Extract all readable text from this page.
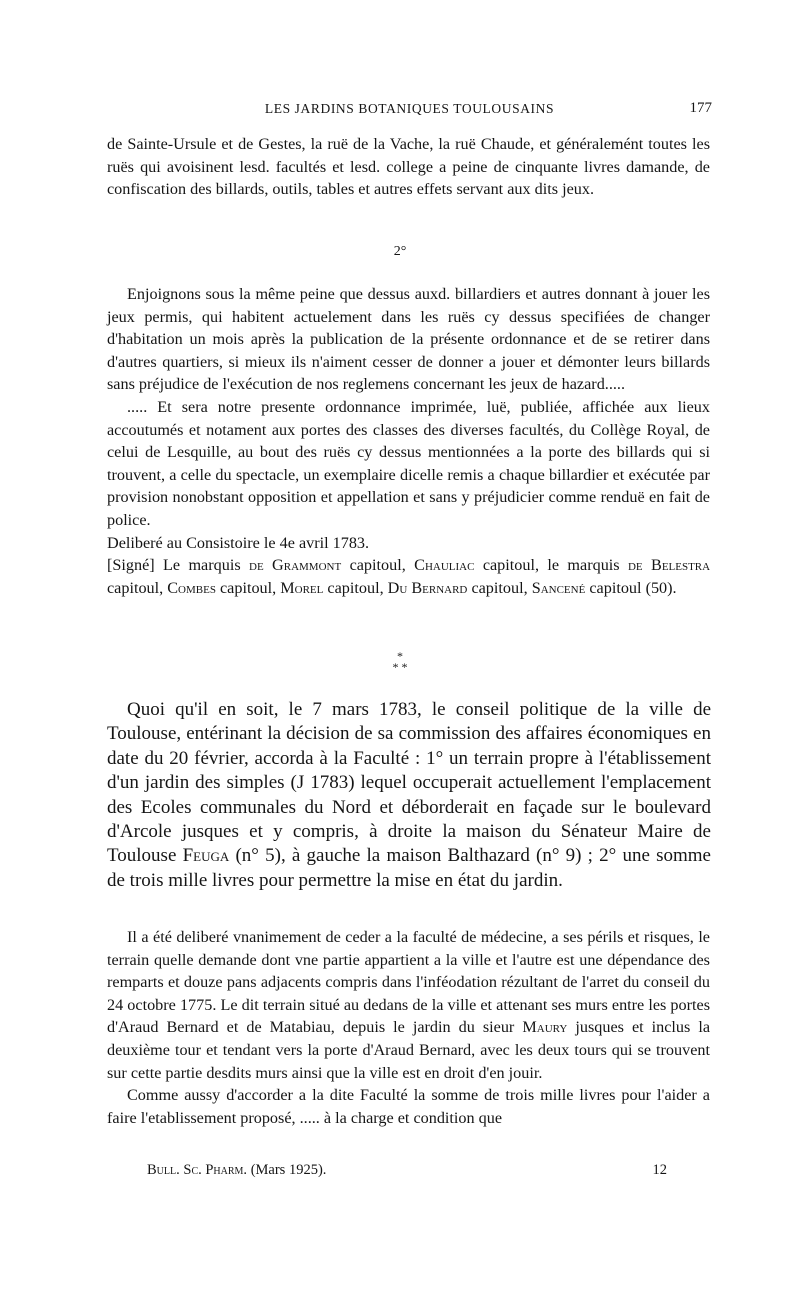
LES JARDINS BOTANIQUES TOULOUSAINS	177

de Sainte-Ursule et de Gestes, la ruë de la Vache, la ruë Chaude, et généralemént toutes les ruës qui avoisinent lesd. facultés et lesd. college a peine de cinquante livres damande, de confiscation des billards, outils, tables et autres effets servant aux dits jeux.

2°

Enjoignons sous la même peine que dessus auxd. billardiers et autres donnant à jouer les jeux permis, qui habitent actuelement dans les ruës cy dessus specifiées de changer d'habitation un mois après la publication de la présente ordonnance et de se retirer dans d'autres quartiers, si mieux ils n'aiment cesser de donner a jouer et démonter leurs billards sans préjudice de l'exécution de nos reglemens concernant les jeux de hazard.....

..... Et sera notre presente ordonnance imprimée, luë, publiée, affichée aux lieux accoutumés et notament aux portes des classes des diverses facultés, du Collège Royal, de celui de Lesquille, au bout des ruës cy dessus mentionnées a la porte des billards qui si trouvent, a celle du spectacle, un exemplaire dicelle remis a chaque billardier et exécutée par provision nonobstant opposition et appellation et sans y préjudicier comme renduë en fait de police.

Deliberé au Consistoire le 4e avril 1783.

[Signé] Le marquis de Grammont capitoul, Chauliac capitoul, le marquis de Belestra capitoul, Combes capitoul, Morel capitoul, Du Bernard capitoul, Sancené capitoul (50).

*
* *

Quoi qu'il en soit, le 7 mars 1783, le conseil politique de la ville de Toulouse, entérinant la décision de sa commission des affaires économiques en date du 20 février, accorda à la Faculté : 1° un terrain propre à l'établissement d'un jardin des simples (J 1783) lequel occuperait actuellement l'emplacement des Ecoles communales du Nord et déborderait en façade sur le boulevard d'Arcole jusques et y compris, à droite la maison du Sénateur Maire de Toulouse Feuga (n° 5), à gauche la maison Balthazard (n° 9) ; 2° une somme de trois mille livres pour permettre la mise en état du jardin.

Il a été deliberé vnanimement de ceder a la faculté de médecine, a ses périls et risques, le terrain quelle demande dont vne partie appartient a la ville et l'autre est une dépendance des remparts et douze pans adjacents compris dans l'inféodation rézultant de l'arret du conseil du 24 octobre 1775. Le dit terrain situé au dedans de la ville et attenant ses murs entre les portes d'Araud Bernard et de Matabiau, depuis le jardin du sieur Maury jusques et inclus la deuxième tour et tendant vers la porte d'Araud Bernard, avec les deux tours qui se trouvent sur cette partie desdits murs ainsi que la ville est en droit d'en jouir.

Comme aussy d'accorder a la dite Faculté la somme de trois mille livres pour l'aider a faire l'etablissement proposé, ..... à la charge et condition que

Bull. Sc. Pharm. (Mars 1925).	12
